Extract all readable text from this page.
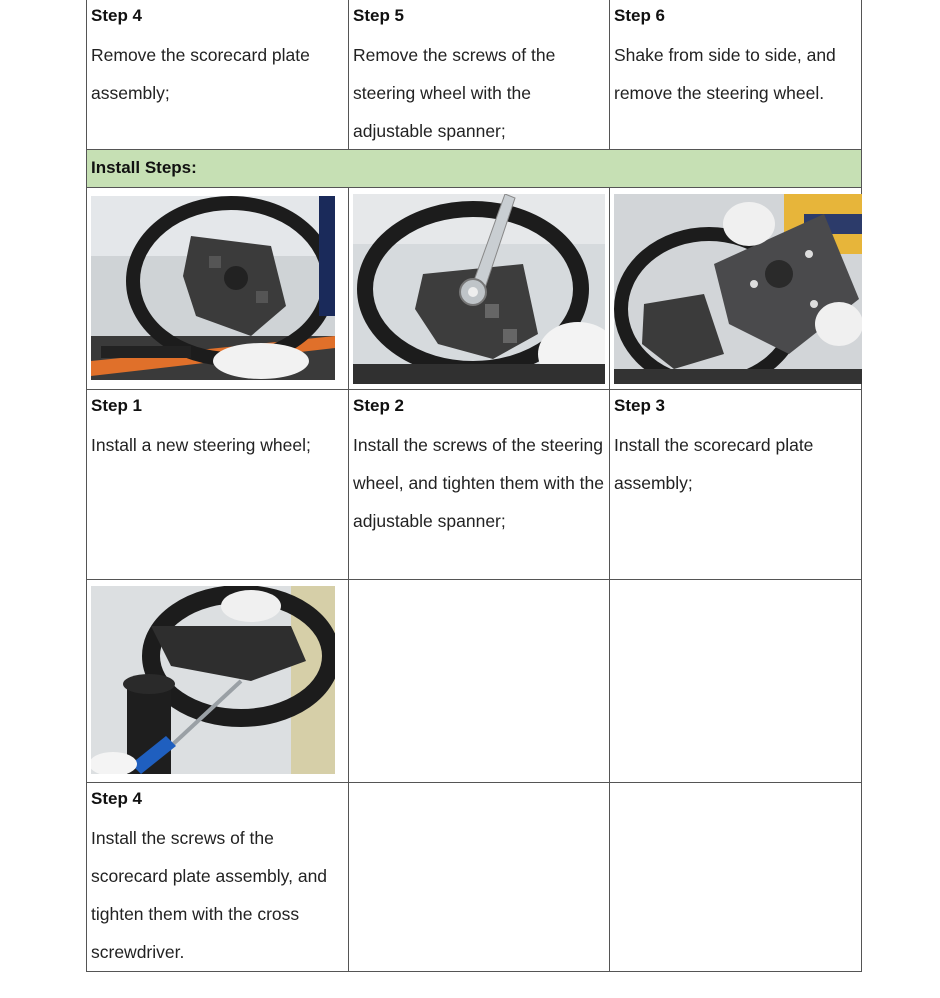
Step 4
Remove the scorecard plate assembly;
Step 5
Remove the screws of the steering wheel with the adjustable spanner;
Step 6
Shake from side to side, and remove the steering wheel.
Install Steps:
Step 1
Install a new steering wheel;
Step 2
Install the screws of the steering wheel, and tighten them with the adjustable spanner;
Step 3
Install the scorecard plate assembly;
Step 4
Install the screws of the scorecard plate assembly, and tighten them with the cross screwdriver.
